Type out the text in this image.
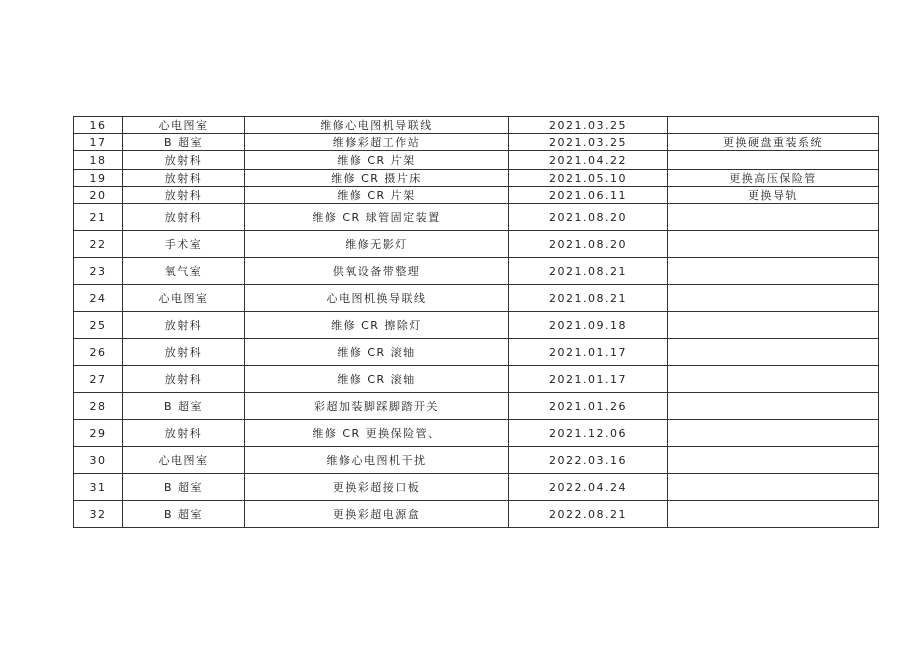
16	心电图室	维修心电图机导联线	2021.03.25	
17	B 超室	维修彩超工作站	2021.03.25	更换硬盘重装系统
18	放射科	维修 CR 片架	2021.04.22	
19	放射科	维修 CR 摄片床	2021.05.10	更换高压保险管
20	放射科	维修 CR 片架	2021.06.11	更换导轨
21	放射科	维修 CR 球管固定装置	2021.08.20	
22	手术室	维修无影灯	2021.08.20	
23	氧气室	供氧设备带整理	2021.08.21	
24	心电图室	心电图机换导联线	2021.08.21	
25	放射科	维修 CR 擦除灯	2021.09.18	
26	放射科	维修 CR 滚轴	2021.01.17	
27	放射科	维修 CR 滚轴	2021.01.17	
28	B 超室	彩超加装脚踩脚踏开关	2021.01.26	
29	放射科	维修 CR 更换保险管、	2021.12.06	
30	心电图室	维修心电图机干扰	2022.03.16	
31	B 超室	更换彩超接口板	2022.04.24	
32	B 超室	更换彩超电源盒	2022.08.21	
